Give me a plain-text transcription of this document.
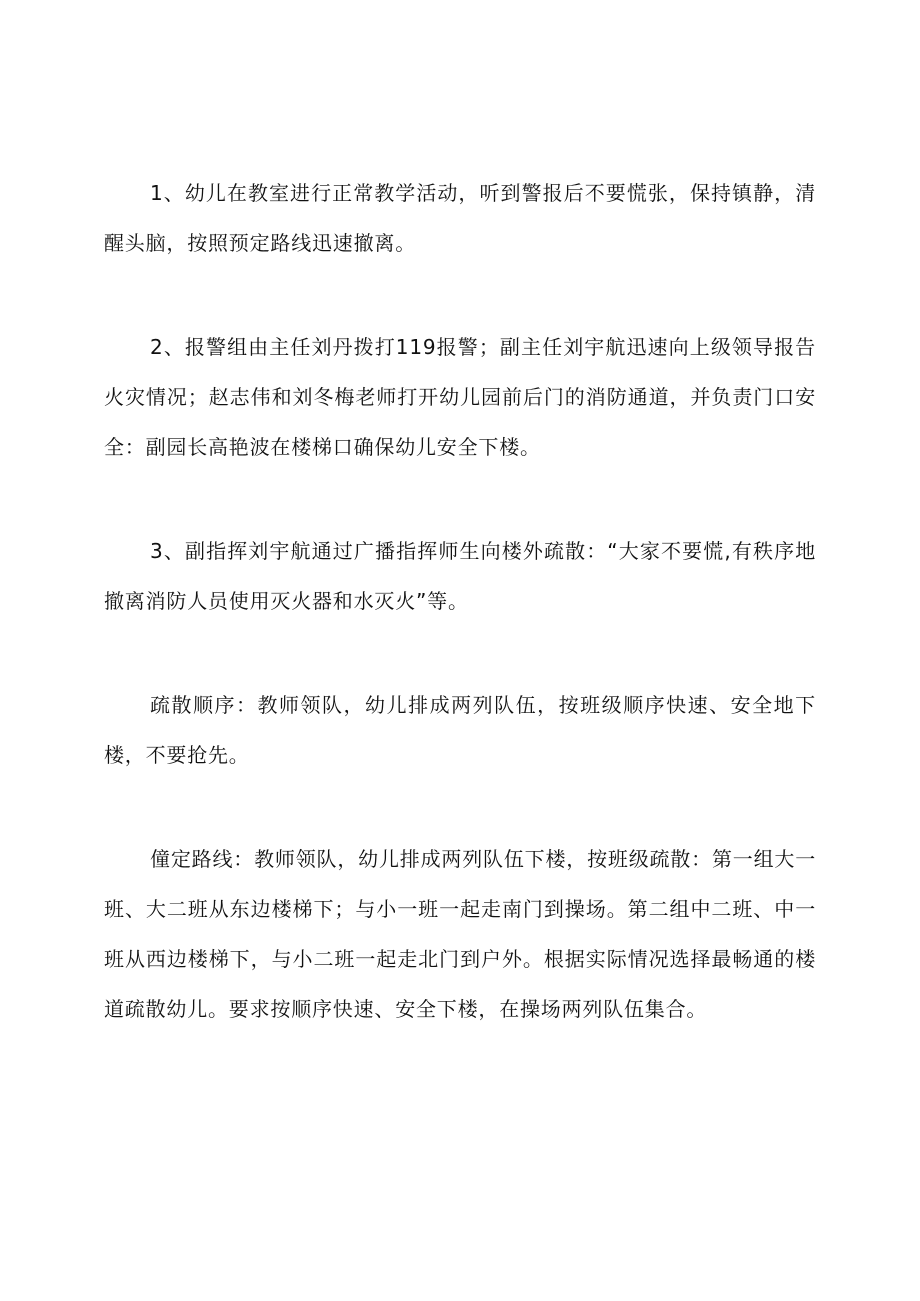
1、幼儿在教室进行正常教学活动，听到警报后不要慌张，保持镇静，清醒头脑，按照预定路线迅速撤离。

2、报警组由主任刘丹拨打119报警；副主任刘宇航迅速向上级领导报告火灾情况；赵志伟和刘冬梅老师打开幼儿园前后门的消防通道，并负责门口安全：副园长高艳波在楼梯口确保幼儿安全下楼。

3、副指挥刘宇航通过广播指挥师生向楼外疏散：“大家不要慌,有秩序地撤离消防人员使用灭火器和水灭火”等。

疏散顺序：教师领队，幼儿排成两列队伍，按班级顺序快速、安全地下楼，不要抢先。

僮定路线：教师领队，幼儿排成两列队伍下楼，按班级疏散：第一组大一班、大二班从东边楼梯下；与小一班一起走南门到操场。第二组中二班、中一班从西边楼梯下，与小二班一起走北门到户外。根据实际情况选择最畅通的楼道疏散幼儿。要求按顺序快速、安全下楼，在操场两列队伍集合。
